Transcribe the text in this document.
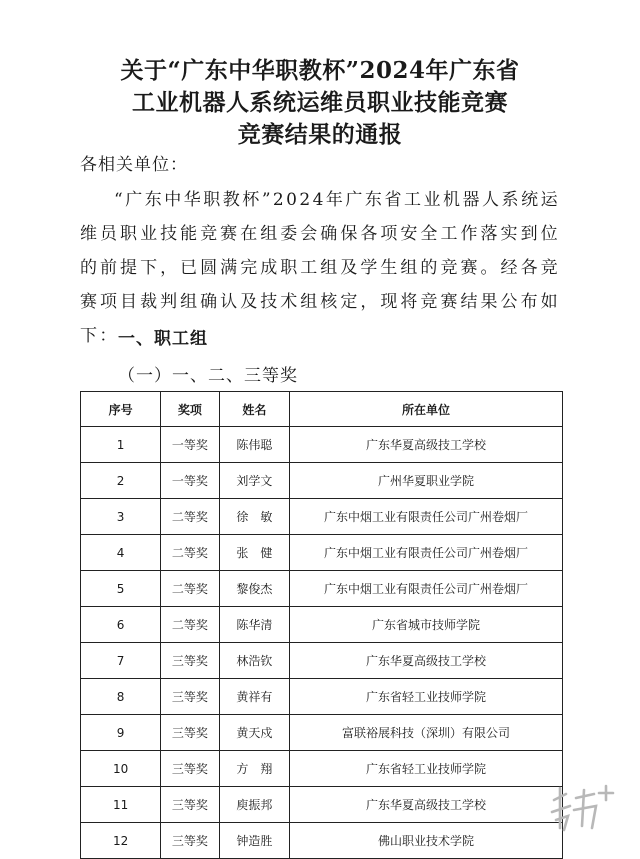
关于“广东中华职教杯”2024年广东省
工业机器人系统运维员职业技能竞赛
竞赛结果的通报
各相关单位：
“广东中华职教杯”2024年广东省工业机器人系统运维员职业技能竞赛在组委会确保各项安全工作落实到位的前提下，已圆满完成职工组及学生组的竞赛。经各竞赛项目裁判组确认及技术组核定，现将竞赛结果公布如下： 一、职工组
（一）一、二、三等奖
序号	奖项	姓名	所在单位
1	一等奖	陈伟聪	广东华夏高级技工学校
2	一等奖	刘学文	广州华夏职业学院
3	二等奖	徐　敏	广东中烟工业有限责任公司广州卷烟厂
4	二等奖	张　健	广东中烟工业有限责任公司广州卷烟厂
5	二等奖	黎俊杰	广东中烟工业有限责任公司广州卷烟厂
6	二等奖	陈华清	广东省城市技师学院
7	三等奖	林浩钦	广东华夏高级技工学校
8	三等奖	黄祥有	广东省轻工业技师学院
9	三等奖	黄天戍	富联裕展科技（深圳）有限公司
10	三等奖	方　翔	广东省轻工业技师学院
11	三等奖	庾振邦	广东华夏高级技工学校
12	三等奖	钟造胜	佛山职业技术学院
